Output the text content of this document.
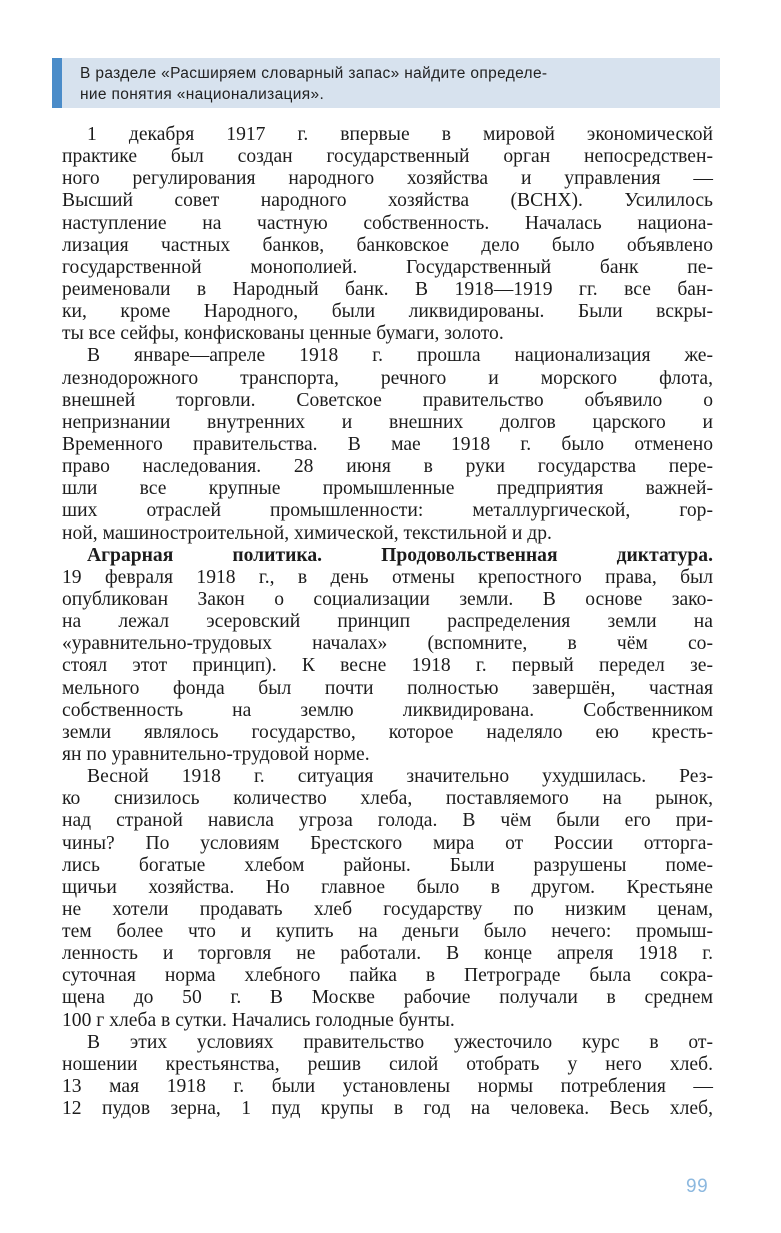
В разделе «Расширяем словарный запас» найдите определе-
ние понятия «национализация».
1 декабря 1917 г. впервые в мировой экономической
практике был создан государственный орган непосредствен-
ного регулирования народного хозяйства и управления —
Высший совет народного хозяйства (ВСНХ). Усилилось
наступление на частную собственность. Началась национа-
лизация частных банков, банковское дело было объявлено
государственной монополией. Государственный банк пе-
реименовали в Народный банк. В 1918—1919 гг. все бан-
ки, кроме Народного, были ликвидированы. Были вскры-
ты все сейфы, конфискованы ценные бумаги, золото.
В январе—апреле 1918 г. прошла национализация же-
лезнодорожного транспорта, речного и морского флота,
внешней торговли. Советское правительство объявило о
непризнании внутренних и внешних долгов царского и
Временного правительства. В мае 1918 г. было отменено
право наследования. 28 июня в руки государства пере-
шли все крупные промышленные предприятия важней-
ших отраслей промышленности: металлургической, гор-
ной, машиностроительной, химической, текстильной и др.
Аграрная политика. Продовольственная диктатура.
19 февраля 1918 г., в день отмены крепостного права, был
опубликован Закон о социализации земли. В основе зако-
на лежал эсеровский принцип распределения земли на
«уравнительно-трудовых началах» (вспомните, в чём со-
стоял этот принцип). К весне 1918 г. первый передел зе-
мельного фонда был почти полностью завершён, частная
собственность на землю ликвидирована. Собственником
земли являлось государство, которое наделяло ею кресть-
ян по уравнительно-трудовой норме.
Весной 1918 г. ситуация значительно ухудшилась. Рез-
ко снизилось количество хлеба, поставляемого на рынок,
над страной нависла угроза голода. В чём были его при-
чины? По условиям Брестского мира от России отторга-
лись богатые хлебом районы. Были разрушены поме-
щичьи хозяйства. Но главное было в другом. Крестьяне
не хотели продавать хлеб государству по низким ценам,
тем более что и купить на деньги было нечего: промыш-
ленность и торговля не работали. В конце апреля 1918 г.
суточная норма хлебного пайка в Петрограде была сокра-
щена до 50 г. В Москве рабочие получали в среднем
100 г хлеба в сутки. Начались голодные бунты.
В этих условиях правительство ужесточило курс в от-
ношении крестьянства, решив силой отобрать у него хлеб.
13 мая 1918 г. были установлены нормы потребления —
12 пудов зерна, 1 пуд крупы в год на человека. Весь хлеб,
99
